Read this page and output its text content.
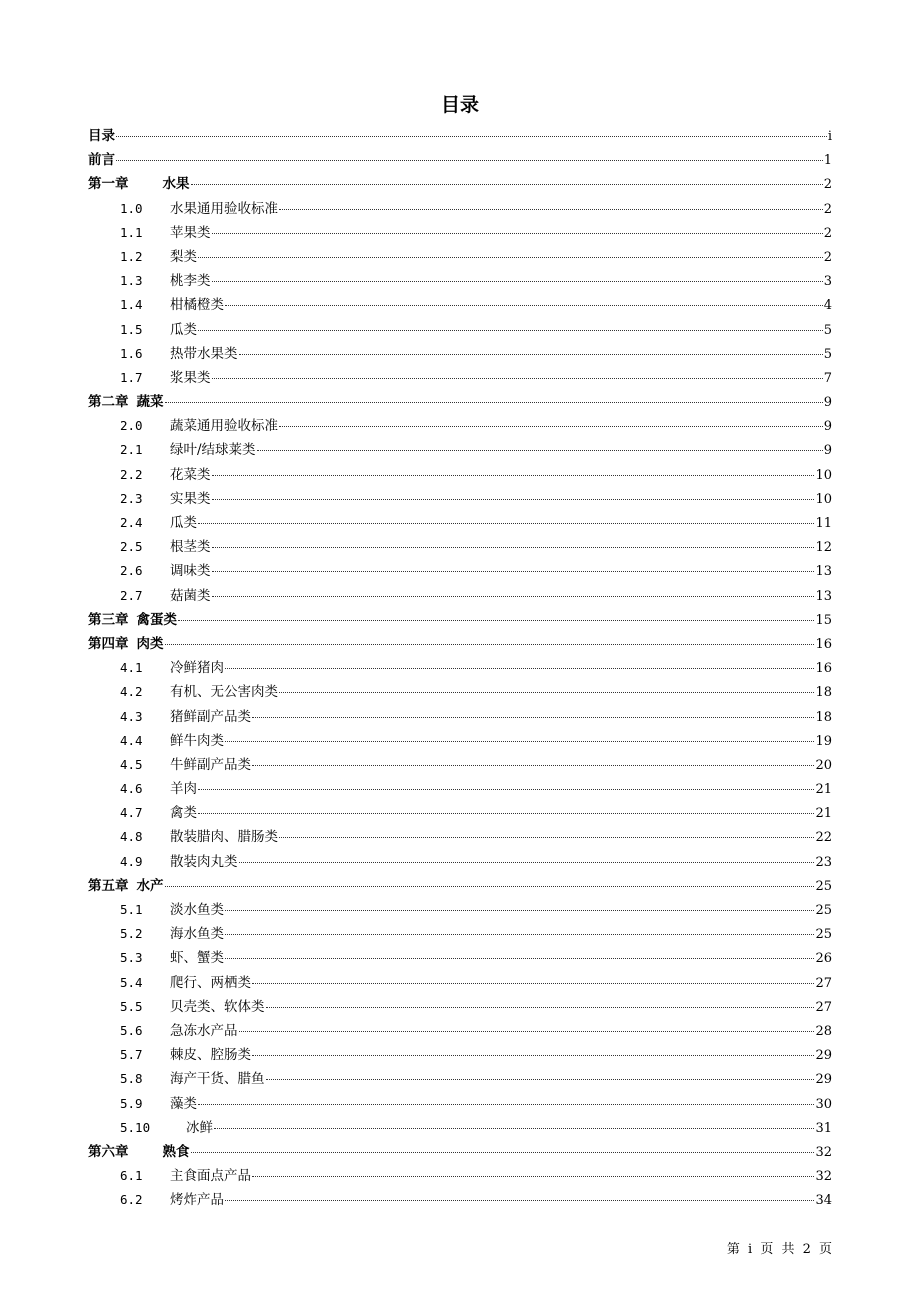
目录
目录	i
前言	1
第一章	水果	2
1.0	水果通用验收标准	2
1.1	苹果类	2
1.2	梨类	2
1.3	桃李类	3
1.4	柑橘橙类	4
1.5	瓜类	5
1.6	热带水果类	5
1.7	浆果类	7
第二章 蔬菜	9
2.0	蔬菜通用验收标准	9
2.1	绿叶/结球莱类	9
2.2	花菜类	10
2.3	实果类	10
2.4	瓜类	11
2.5	根茎类	12
2.6	调味类	13
2.7	菇菌类	13
第三章 禽蛋类	15
第四章 肉类	16
4.1	冷鲜猪肉	16
4.2	有机、无公害肉类	18
4.3	猪鲜副产品类	18
4.4	鲜牛肉类	19
4.5	牛鲜副产品类	20
4.6	羊肉	21
4.7	禽类	21
4.8	散装腊肉、腊肠类	22
4.9	散装肉丸类	23
第五章 水产	25
5.1	淡水鱼类	25
5.2	海水鱼类	25
5.3	虾、蟹类	26
5.4	爬行、两栖类	27
5.5	贝壳类、软体类	27
5.6	急冻水产品	28
5.7	棘皮、腔肠类	29
5.8	海产干货、腊鱼	29
5.9	藻类	30
5.10	冰鲜	31
第六章	熟食	32
6.1	主食面点产品	32
6.2	烤炸产品	34
第 i 页 共 2 页
